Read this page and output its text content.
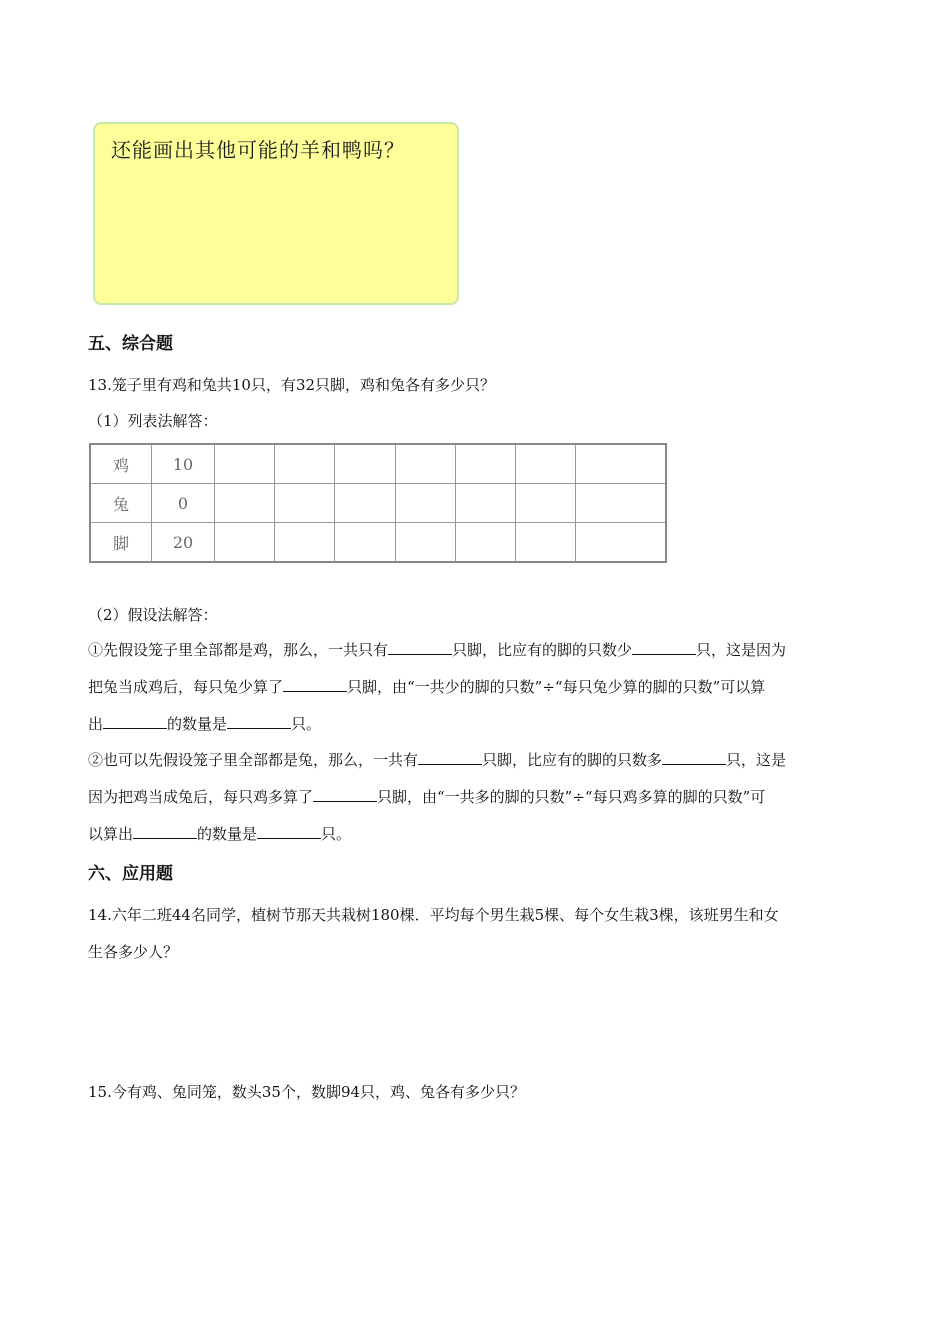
还能画出其他可能的羊和鸭吗？
五、综合题
13.笼子里有鸡和兔共10只，有32只脚，鸡和兔各有多少只？
（1）列表法解答：
鸡	10							
兔	0							
脚	20							
（2）假设法解答：
①先假设笼子里全部都是鸡，那么，一共只有	只脚，比应有的脚的只数少	只，这是因为
把兔当成鸡后，每只兔少算了	只脚，由“一共少的脚的只数”÷“每只兔少算的脚的只数”可以算
出	的数量是	只。
②也可以先假设笼子里全部都是兔，那么，一共有	只脚，比应有的脚的只数多	只，这是
因为把鸡当成兔后，每只鸡多算了	只脚，由“一共多的脚的只数”÷“每只鸡多算的脚的只数”可
以算出	的数量是	只。
六、应用题
14.六年二班44名同学，植树节那天共栽树180棵．平均每个男生栽5棵、每个女生栽3棵，该班男生和女
生各多少人？
15.今有鸡、兔同笼，数头35个，数脚94只，鸡、兔各有多少只？
